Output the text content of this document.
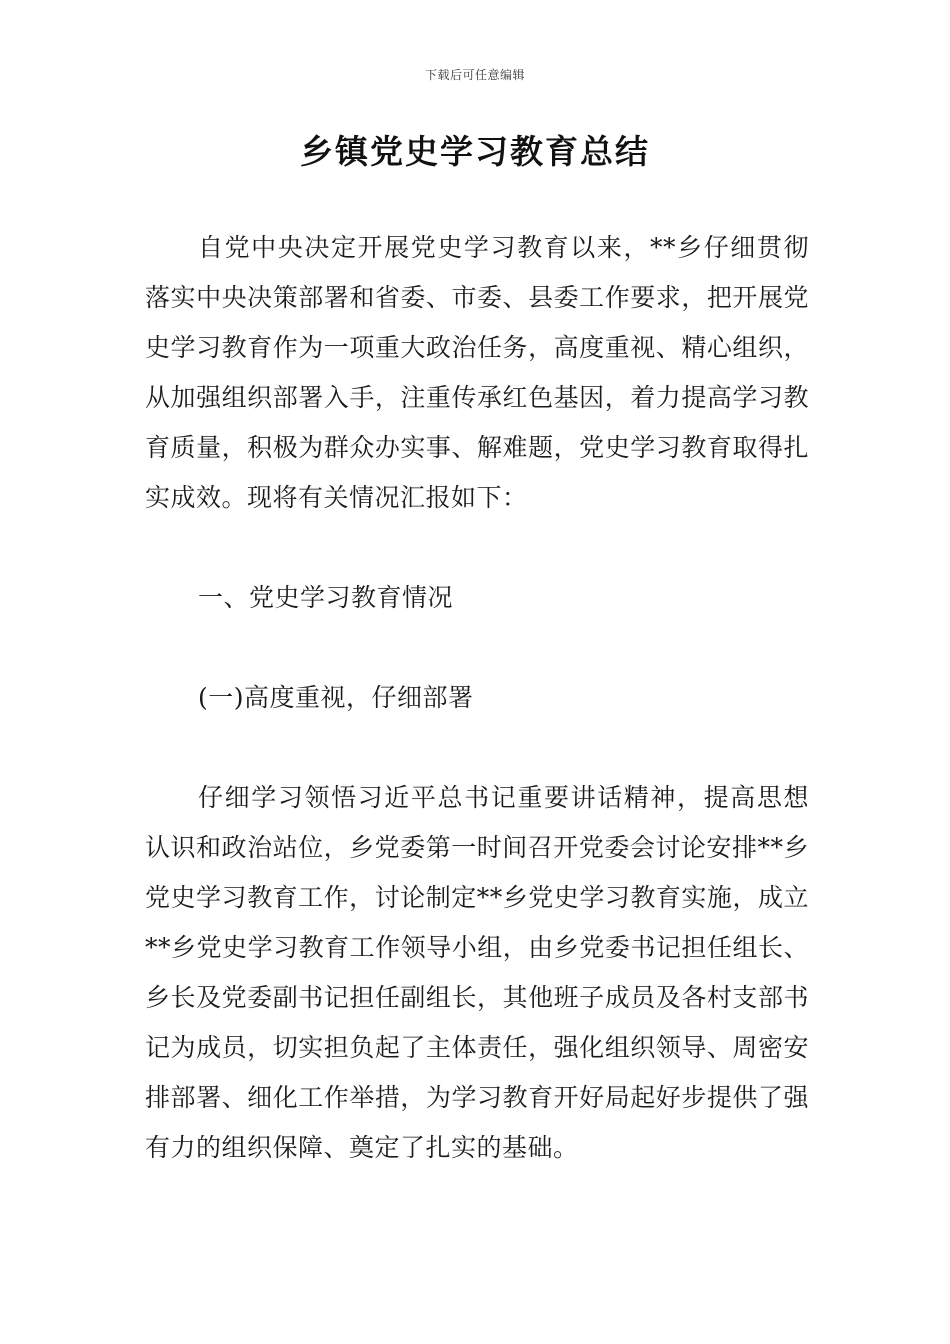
下载后可任意编辑
乡镇党史学习教育总结

自党中央决定开展党史学习教育以来，**乡仔细贯彻落实中央决策部署和省委、市委、县委工作要求，把开展党史学习教育作为一项重大政治任务，高度重视、精心组织，从加强组织部署入手，注重传承红色基因，着力提高学习教育质量，积极为群众办实事、解难题，党史学习教育取得扎实成效。现将有关情况汇报如下：

一、党史学习教育情况

(一)高度重视，仔细部署

仔细学习领悟习近平总书记重要讲话精神，提高思想认识和政治站位，乡党委第一时间召开党委会讨论安排**乡党史学习教育工作，讨论制定**乡党史学习教育实施，成立**乡党史学习教育工作领导小组，由乡党委书记担任组长、乡长及党委副书记担任副组长，其他班子成员及各村支部书记为成员，切实担负起了主体责任，强化组织领导、周密安排部署、细化工作举措，为学习教育开好局起好步提供了强有力的组织保障、奠定了扎实的基础。
